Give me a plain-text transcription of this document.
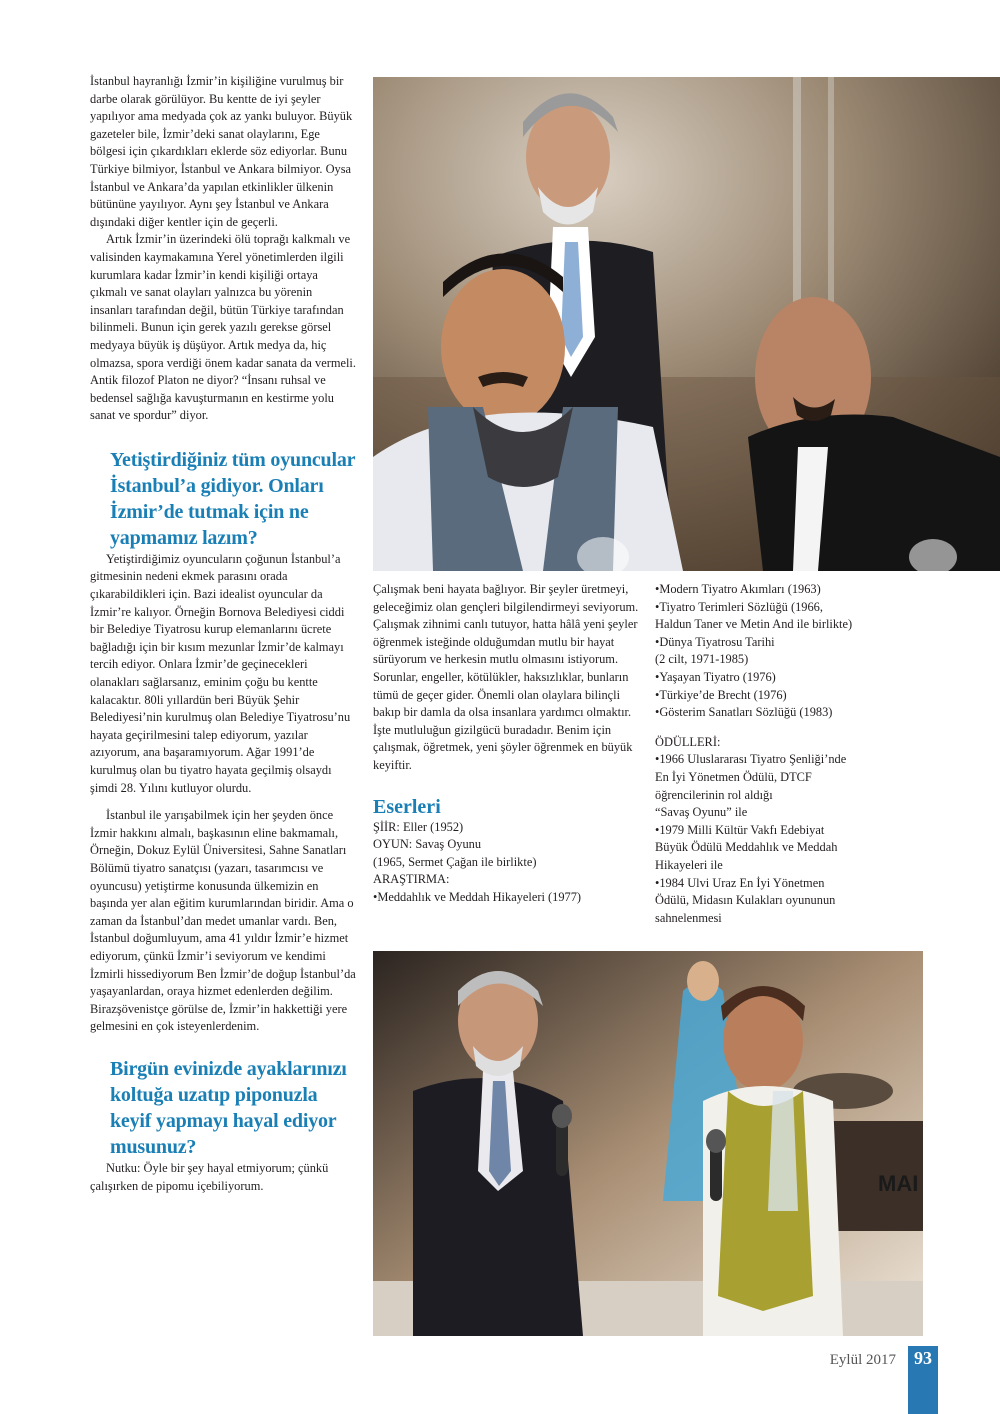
İstanbul hayranlığı İzmir’in kişiliğine vurulmuş bir darbe olarak görülüyor. Bu kentte de iyi şeyler yapılıyor ama medyada çok az yankı buluyor. Büyük gazeteler bile, İzmir’deki sanat olaylarını, Ege bölgesi için çıkardıkları eklerde söz ediyorlar. Bunu Türkiye bilmiyor, İstanbul ve Ankara bilmiyor. Oysa İstanbul ve Ankara’da yapılan etkinlikler ülkenin bütününe yayılıyor. Aynı şey İstanbul ve Ankara dışındaki diğer kentler için de geçerli.

Artık İzmir’in üzerindeki ölü toprağı kalkmalı ve valisinden kaymakamına Yerel yönetimlerden ilgili kurumlara kadar İzmir’in kendi kişiliği ortaya çıkmalı ve sanat olayları yalnızca bu yörenin insanları tarafından değil, bütün Türkiye tarafından bilinmeli. Bunun için gerek yazılı gerekse görsel medyaya büyük iş düşüyor. Artık medya da, hiç olmazsa, spora verdiği önem kadar sanata da vermeli. Antik filozof Platon ne diyor? “İnsanı ruhsal ve bedensel sağlığa kavuşturmanın en kestirme yolu sanat ve spordur” diyor.

Yetiştirdiğiniz tüm oyuncular İstanbul’a gidiyor. Onları İzmir’de tutmak için ne yapmamız lazım?

Yetiştirdiğimiz oyuncuların çoğunun İstanbul’a gitmesinin nedeni ekmek parasını orada çıkarabildikleri için. Bazi idealist oyuncular da İzmir’re kalıyor. Örneğin Bornova Belediyesi ciddi bir Belediye Tiyatrosu kurup elemanlarını ücrete bağladığı için bir kısım mezunlar İzmir’de kalmayı tercih ediyor. Onlara İzmir’de geçinecekleri olanakları sağlarsanız, eminim çoğu bu kentte kalacaktır. 80li yıllardün beri Büyük Şehir Belediyesi’nin kurulmuş olan Belediye Tiyatrosu’nu hayata geçirilmesini talep ediyorum, yazılar azıyorum, ana başaramıyorum. Ağar 1991’de kurulmuş olan bu tiyatro hayata geçilmiş olsaydı şimdi 28. Yılını kutluyor olurdu.

İstanbul ile yarışabilmek için her şeyden önce İzmir hakkını almalı, başkasının eline bakmamalı, Örneğin, Dokuz Eylül Üniversitesi, Sahne Sanatları Bölümü tiyatro sanatçısı (yazarı, tasarımcısı ve oyuncusu) yetiştirme konusunda ülkemizin en başında yer alan eğitim kurumlarından biridir. Ama o zaman da İstanbul’dan medet umanlar vardı. Ben, İstanbul doğumluyum, ama 41 yıldır İzmir’e hizmet ediyorum, çünkü İzmir’i seviyorum ve kendimi İzmirli hissediyorum Ben İzmir’de doğup İstanbul’da yaşayanlardan, oraya hizmet edenlerden değilim. Birazşövenistçe görülse de, İzmir’in hakkettiği yere gelmesini en çok isteyenlerdenim.

Birgün evinizde ayaklarınızı koltuğa uzatıp piponuzla keyif yapmayı hayal ediyor musunuz?

Nutku: Öyle bir şey hayal etmiyorum; çünkü çalışırken de pipomu içebiliyorum.

Çalışmak beni hayata bağlıyor. Bir şeyler üretmeyi, geleceğimiz olan gençleri bilgilendirmeyi seviyorum. Çalışmak zihnimi canlı tutuyor, hatta hâlâ yeni şeyler öğrenmek isteğinde olduğumdan mutlu bir hayat sürüyorum ve herkesin mutlu olmasını istiyorum. Sorunlar, engeller, kötülükler, haksızlıklar, bunların tümü de geçer gider. Önemli olan olaylara bilinçli bakıp bir damla da olsa insanlara yardımcı olmaktır. İşte mutluluğun gizilgücü buradadır. Benim için çalışmak, öğretmek, yeni şöyler öğrenmek en büyük keyiftir.

Eserleri
ŞİİR: Eller (1952)
OYUN: Savaş Oyunu
(1965, Sermet Çağan ile birlikte)
ARAŞTIRMA:
•Meddahlık ve Meddah Hikayeleri (1977)
•Modern Tiyatro Akımları (1963)
•Tiyatro Terimleri Sözlüğü (1966,
Haldun Taner ve Metin And ile birlikte)
•Dünya Tiyatrosu Tarihi
(2 cilt, 1971-1985)
•Yaşayan Tiyatro (1976)
•Türkiye’de Brecht (1976)
•Gösterim Sanatları Sözlüğü (1983)
ÖDÜLLERİ:
•1966 Uluslararası Tiyatro Şenliği’nde
En İyi Yönetmen Ödülü, DTCF
öğrencilerinin rol aldığı
“Savaş Oyunu” ile
•1979 Milli Kültür Vakfı Edebiyat
Büyük Ödülü Meddahlık ve Meddah
Hikayeleri ile
•1984 Ulvi Uraz En İyi Yönetmen
Ödülü, Midasın Kulakları oyununun
sahnelenmesi
MAI
Eylül 2017	93
